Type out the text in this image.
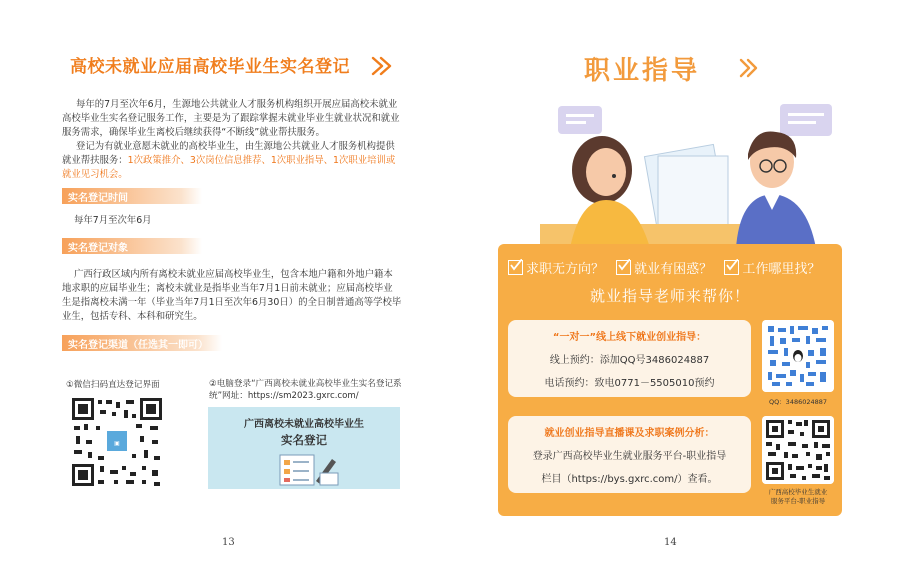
高校未就业应届高校毕业生实名登记
每年的7月至次年6月，生源地公共就业人才服务机构组织开展应届高校未就业高校毕业生实名登记服务工作，主要是为了跟踪掌握未就业毕业生就业状况和就业服务需求，确保毕业生离校后继续获得“不断线”就业帮扶服务。
登记为有就业意愿未就业的高校毕业生，由生源地公共就业人才服务机构提供就业帮扶服务：1次政策推介、3次岗位信息推荐、1次职业指导、1次职业培训或就业见习机会。
实名登记时间
每年7月至次年6月
实名登记对象
广西行政区域内所有离校未就业应届高校毕业生，包含本地户籍和外地户籍本地求职的应届毕业生；离校未就业是指毕业当年7月1日前未就业；应届高校毕业生是指离校未满一年（毕业当年7月1日至次年6月30日）的全日制普通高等学校毕业生，包括专科、本科和研究生。
实名登记渠道（任选其一即可）
①微信扫码直达登记界面
▣
②电脑登录“广西离校未就业高校毕业生实名登记系统”网址：https://sm2023.gxrc.com/
广西离校未就业高校毕业生
实名登记
13
职业指导
求职无方向？ 就业有困惑？ 工作哪里找？
就业指导老师来帮你！
“一对一”线上线下就业创业指导：
线上预约：添加QQ号3486024887
电话预约：致电0771－5505010预约
QQ：3486024887
就业创业指导直播课及求职案例分析：
登录广西高校毕业生就业服务平台-职业指导
栏目（https://bys.gxrc.com/）查看。
广西高校毕业生就业
服务平台-职业指导
14
